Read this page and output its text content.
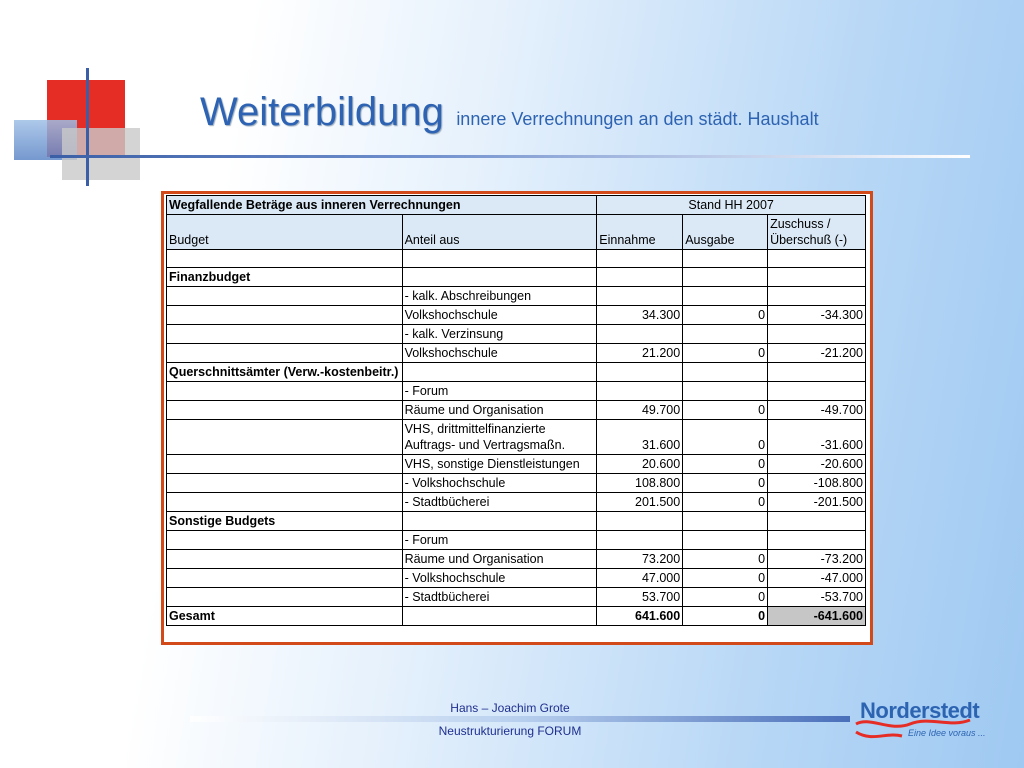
Weiterbildung innere Verrechnungen an den städt. Haushalt
Wegfallende Beträge aus inneren Verrechnungen		Stand HH 2007		
Budget	Anteil aus	Einnahme	Ausgabe	Zuschuss / Überschuß (-)

Finanzbudget				
	- kalk. Abschreibungen			
	Volkshochschule	34.300	0	-34.300
	- kalk. Verzinsung			
	Volkshochschule	21.200	0	-21.200
Querschnittsämter (Verw.-kostenbeitr.)				
	- Forum			
	Räume und Organisation	49.700	0	-49.700
	VHS, drittmittelfinanzierte Auftrags- und Vertragsmaßn.	31.600	0	-31.600
	VHS, sonstige Dienstleistungen	20.600	0	-20.600
	- Volkshochschule	108.800	0	-108.800
	- Stadtbücherei	201.500	0	-201.500
Sonstige Budgets				
	- Forum			
	Räume und Organisation	73.200	0	-73.200
	- Volkshochschule	47.000	0	-47.000
	- Stadtbücherei	53.700	0	-53.700
Gesamt		641.600	0	-641.600
Hans – Joachim Grote
Neustrukturierung FORUM
Norderstedt
Eine Idee voraus ...
